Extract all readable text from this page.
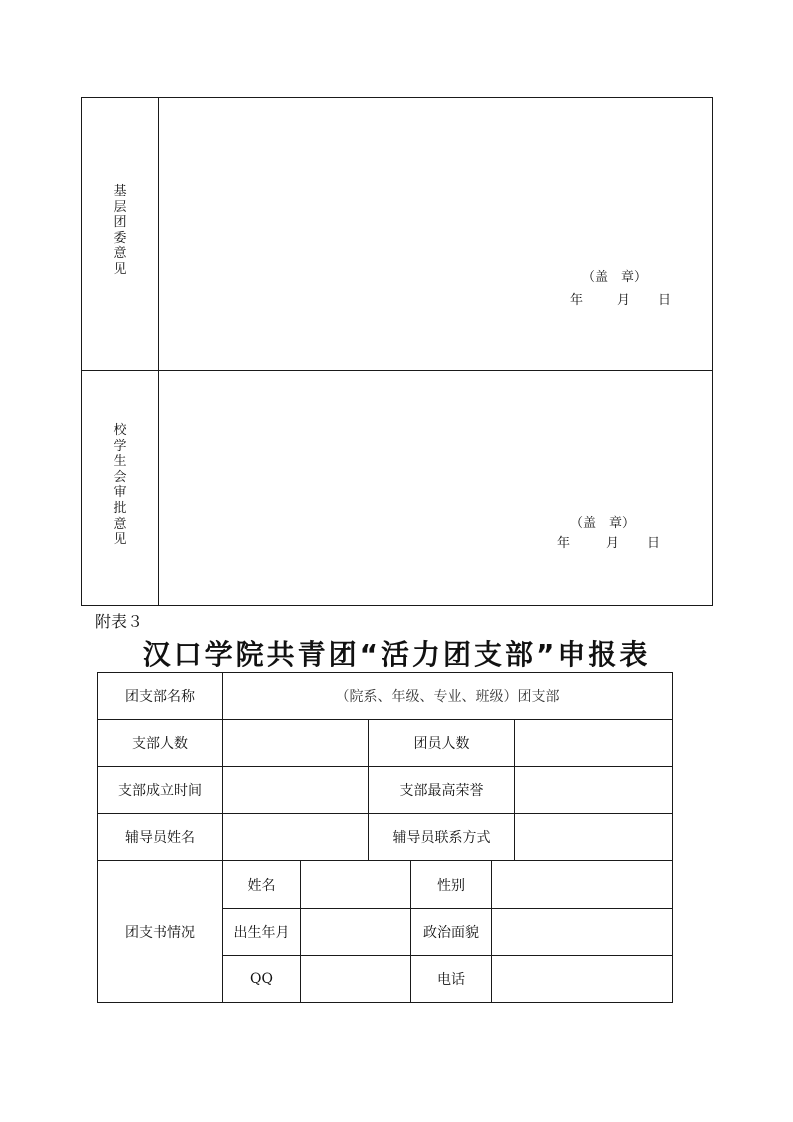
基层团委意见
（盖　章）
年	月 日
校学生会审批意见
（盖　章）
年	月 日
附表３
汉口学院共青团“活力团支部”申报表
团支部名称	（院系、年级、专业、班级）团支部
支部人数	团员人数
支部成立时间	支部最高荣誉
辅导员姓名	辅导员联系方式
团支书情况
姓名	性别
出生年月	政治面貌
QQ	电话
